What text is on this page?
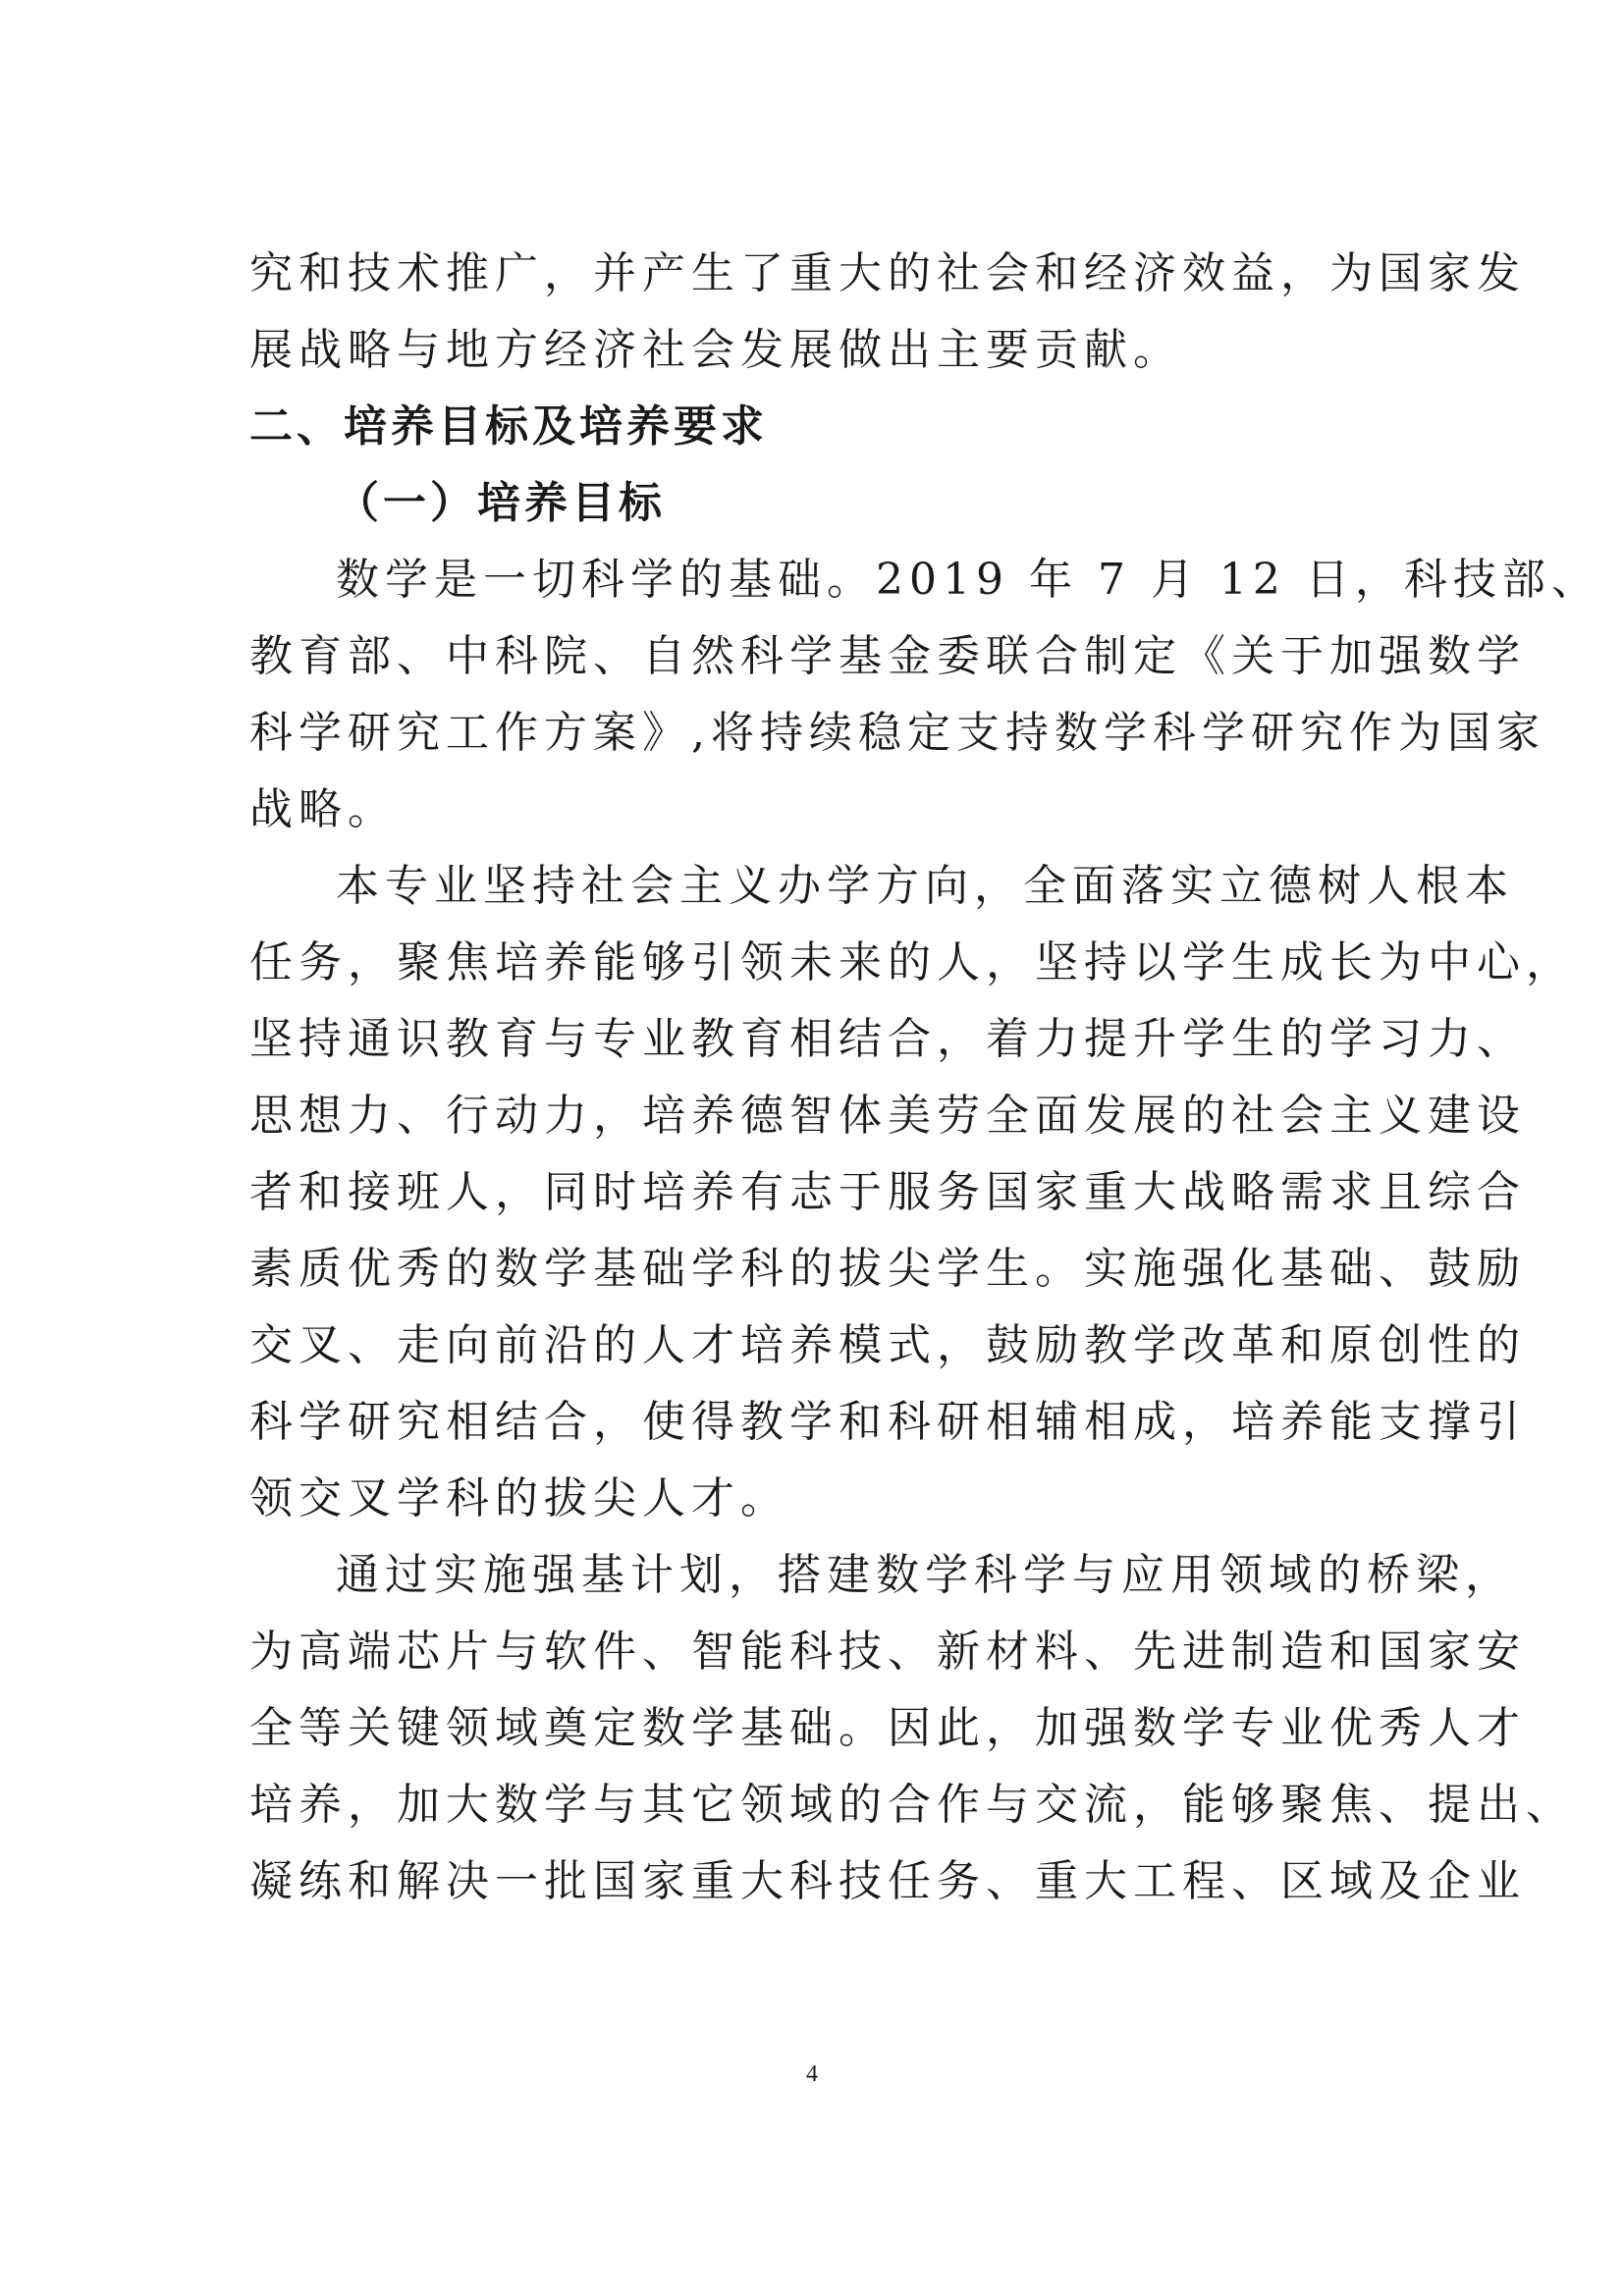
究和技术推广，并产生了重大的社会和经济效益，为国家发
展战略与地方经济社会发展做出主要贡献。
二、培养目标及培养要求
（一）培养目标
数学是一切科学的基础。2019 年 7 月 12 日，科技部、
教育部、中科院、自然科学基金委联合制定《关于加强数学
科学研究工作方案》,将持续稳定支持数学科学研究作为国家
战略。
本专业坚持社会主义办学方向，全面落实立德树人根本
任务，聚焦培养能够引领未来的人，坚持以学生成长为中心，
坚持通识教育与专业教育相结合，着力提升学生的学习力、
思想力、行动力，培养德智体美劳全面发展的社会主义建设
者和接班人，同时培养有志于服务国家重大战略需求且综合
素质优秀的数学基础学科的拔尖学生。实施强化基础、鼓励
交叉、走向前沿的人才培养模式，鼓励教学改革和原创性的
科学研究相结合，使得教学和科研相辅相成，培养能支撑引
领交叉学科的拔尖人才。
通过实施强基计划，搭建数学科学与应用领域的桥梁，
为高端芯片与软件、智能科技、新材料、先进制造和国家安
全等关键领域奠定数学基础。因此，加强数学专业优秀人才
培养，加大数学与其它领域的合作与交流，能够聚焦、提出、
凝练和解决一批国家重大科技任务、重大工程、区域及企业
4
